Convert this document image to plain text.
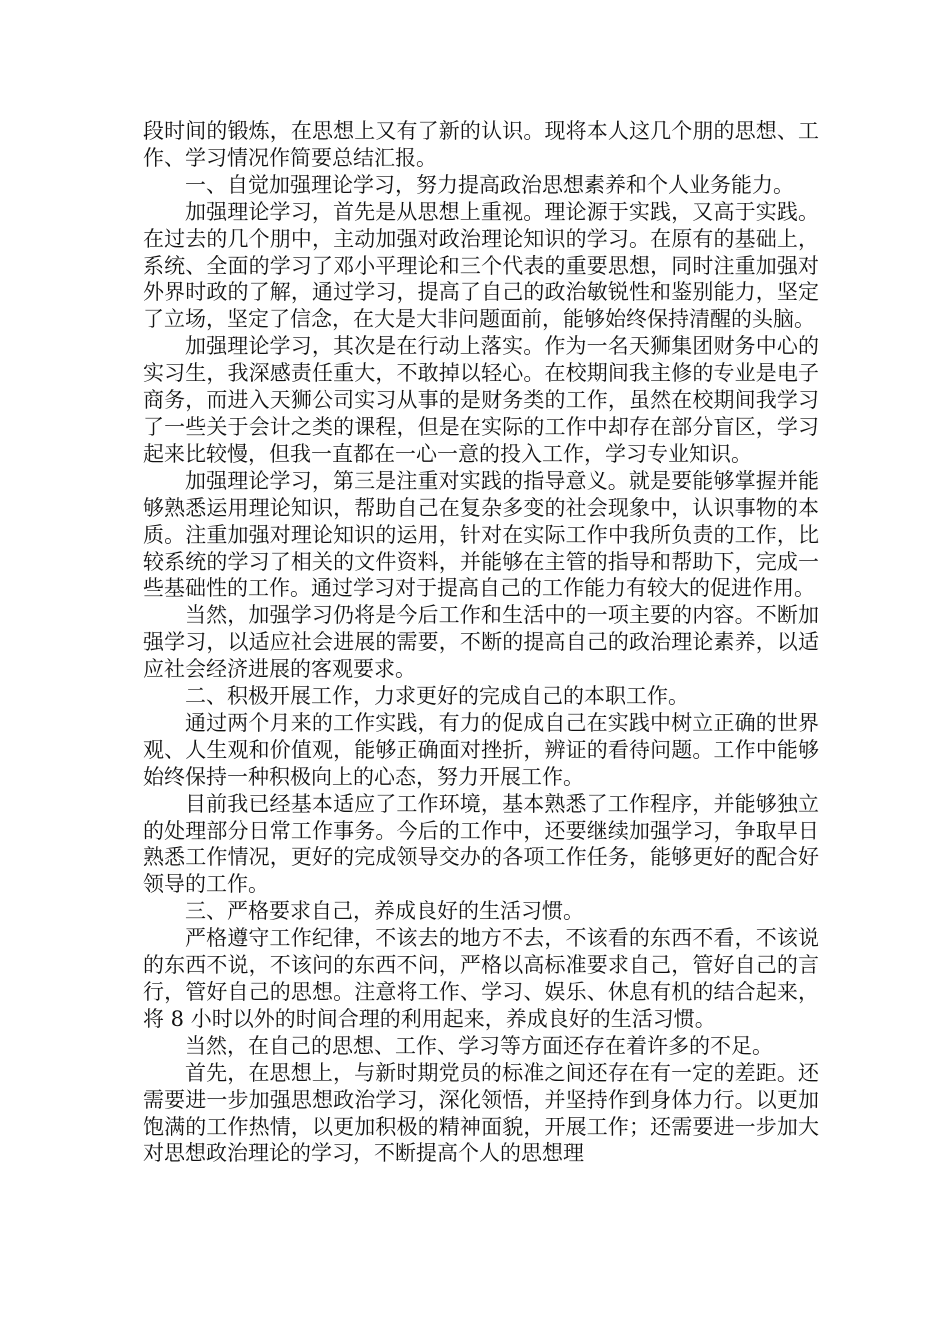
段时间的锻炼，在思想上又有了新的认识。现将本人这几个朋的思想、工作、学习情况作简要总结汇报。

一、自觉加强理论学习，努力提高政治思想素养和个人业务能力。

加强理论学习，首先是从思想上重视。理论源于实践，又高于实践。在过去的几个朋中，主动加强对政治理论知识的学习。在原有的基础上，系统、全面的学习了邓小平理论和三个代表的重要思想，同时注重加强对外界时政的了解，通过学习，提高了自己的政治敏锐性和鉴别能力，坚定了立场，坚定了信念，在大是大非问题面前，能够始终保持清醒的头脑。

加强理论学习，其次是在行动上落实。作为一名天狮集团财务中心的实习生，我深感责任重大，不敢掉以轻心。在校期间我主修的专业是电子商务，而进入天狮公司实习从事的是财务类的工作，虽然在校期间我学习了一些关于会计之类的课程，但是在实际的工作中却存在部分盲区，学习起来比较慢，但我一直都在一心一意的投入工作，学习专业知识。

加强理论学习，第三是注重对实践的指导意义。就是要能够掌握并能够熟悉运用理论知识，帮助自己在复杂多变的社会现象中，认识事物的本质。注重加强对理论知识的运用，针对在实际工作中我所负责的工作，比较系统的学习了相关的文件资料，并能够在主管的指导和帮助下，完成一些基础性的工作。通过学习对于提高自己的工作能力有较大的促进作用。

当然，加强学习仍将是今后工作和生活中的一项主要的内容。不断加强学习，以适应社会进展的需要，不断的提高自己的政治理论素养，以适应社会经济进展的客观要求。

二、积极开展工作，力求更好的完成自己的本职工作。

通过两个月来的工作实践，有力的促成自己在实践中树立正确的世界观、人生观和价值观，能够正确面对挫折，辨证的看待问题。工作中能够始终保持一种积极向上的心态，努力开展工作。

目前我已经基本适应了工作环境，基本熟悉了工作程序，并能够独立的处理部分日常工作事务。今后的工作中，还要继续加强学习，争取早日熟悉工作情况，更好的完成领导交办的各项工作任务，能够更好的配合好领导的工作。

三、严格要求自己，养成良好的生活习惯。

严格遵守工作纪律，不该去的地方不去，不该看的东西不看，不该说的东西不说，不该问的东西不问，严格以高标准要求自己，管好自己的言行，管好自己的思想。注意将工作、学习、娱乐、休息有机的结合起来，将 8 小时以外的时间合理的利用起来，养成良好的生活习惯。

当然，在自己的思想、工作、学习等方面还存在着许多的不足。

首先，在思想上，与新时期党员的标准之间还存在有一定的差距。还需要进一步加强思想政治学习，深化领悟，并坚持作到身体力行。以更加饱满的工作热情，以更加积极的精神面貌，开展工作；还需要进一步加大对思想政治理论的学习，不断提高个人的思想理
